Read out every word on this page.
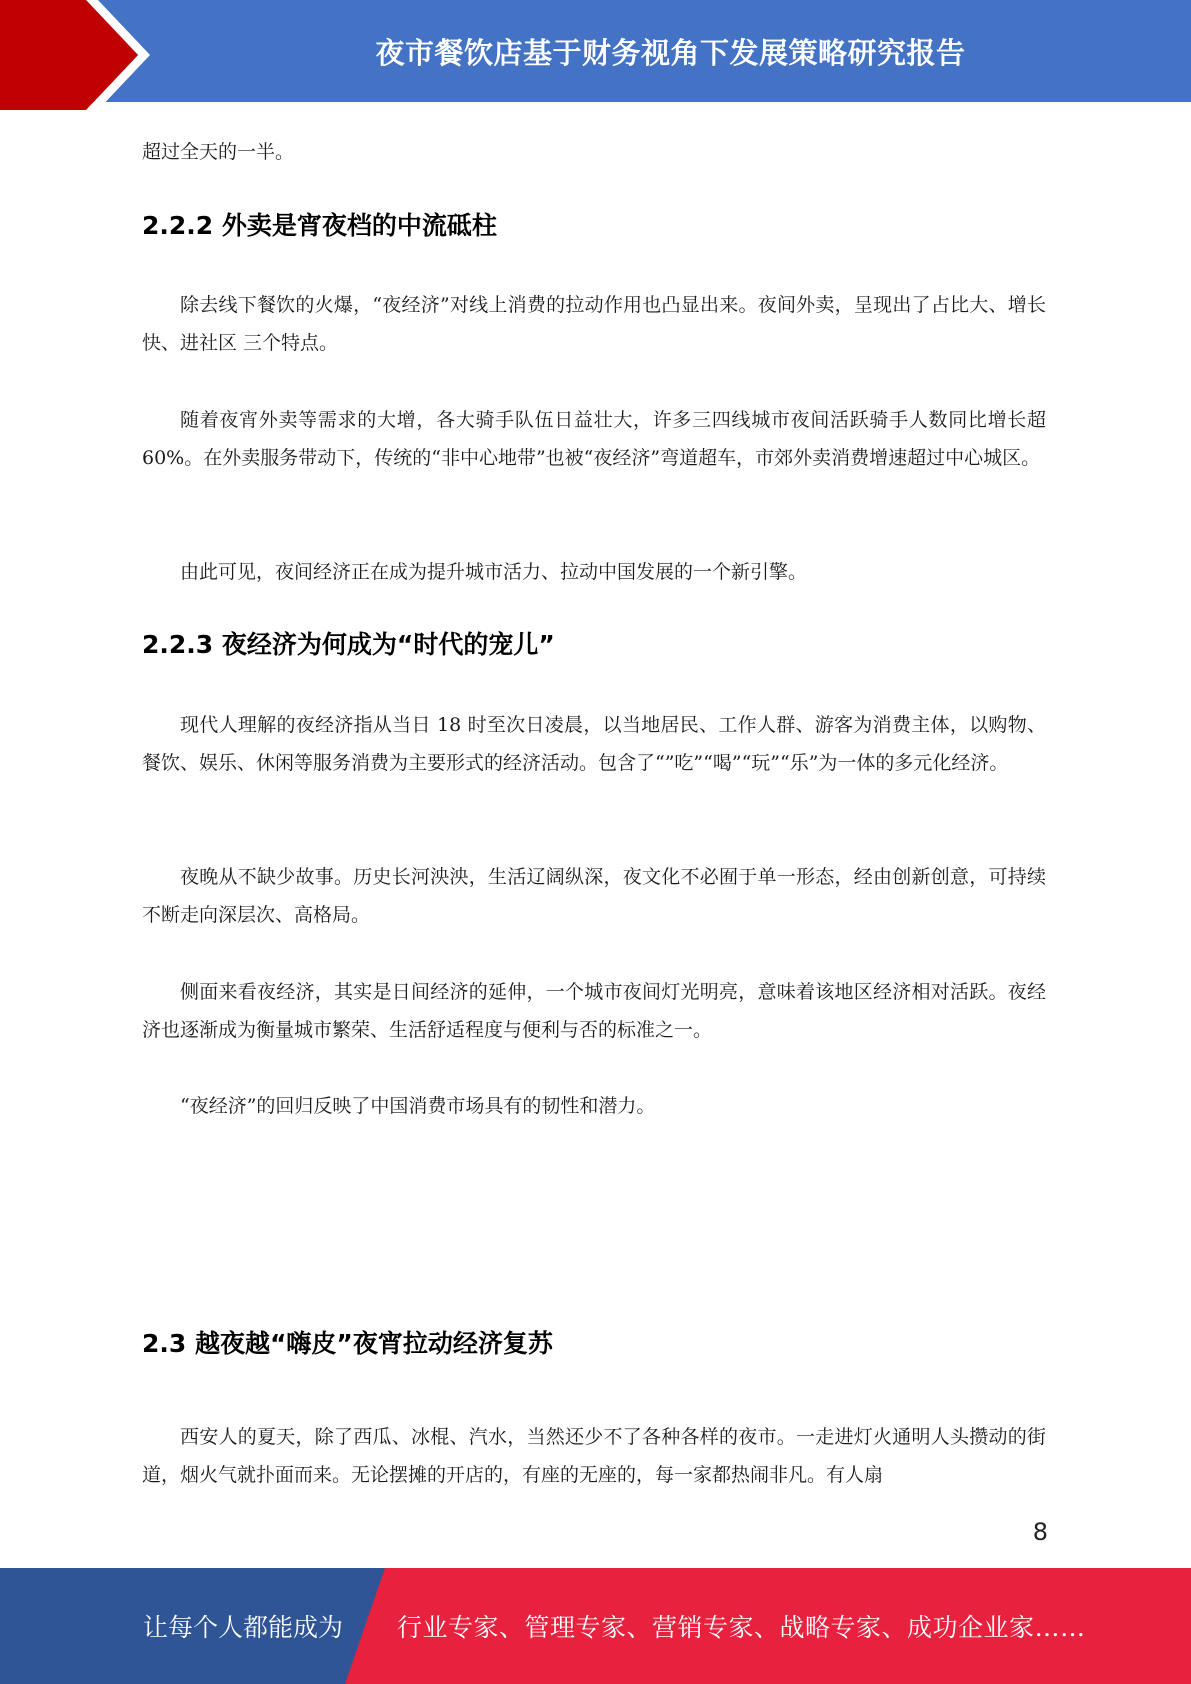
夜市餐饮店基于财务视角下发展策略研究报告

超过全天的一半。

2.2.2 外卖是宵夜档的中流砥柱

除去线下餐饮的火爆，“夜经济”对线上消费的拉动作用也凸显出来。夜间外卖，呈现出了占比大、增长快、进社区 三个特点。

随着夜宵外卖等需求的大增，各大骑手队伍日益壮大，许多三四线城市夜间活跃骑手人数同比增长超 60%。在外卖服务带动下，传统的“非中心地带”也被“夜经济”弯道超车，市郊外卖消费增速超过中心城区。

由此可见，夜间经济正在成为提升城市活力、拉动中国发展的一个新引擎。

2.2.3 夜经济为何成为“时代的宠儿”

现代人理解的夜经济指从当日 18 时至次日凌晨，以当地居民、工作人群、游客为消费主体，以购物、餐饮、娱乐、休闲等服务消费为主要形式的经济活动。包含了“”吃”“喝”“玩”“乐”为一体的多元化经济。

夜晚从不缺少故事。历史长河泱泱，生活辽阔纵深，夜文化不必囿于单一形态，经由创新创意，可持续不断走向深层次、高格局。

侧面来看夜经济，其实是日间经济的延伸，一个城市夜间灯光明亮，意味着该地区经济相对活跃。夜经济也逐渐成为衡量城市繁荣、生活舒适程度与便利与否的标准之一。

“夜经济”的回归反映了中国消费市场具有的韧性和潜力。

2.3 越夜越“嗨皮”夜宵拉动经济复苏

西安人的夏天，除了西瓜、冰棍、汽水，当然还少不了各种各样的夜市。一走进灯火通明人头攒动的街道，烟火气就扑面而来。无论摆摊的开店的，有座的无座的，每一家都热闹非凡。有人扇

8
让每个人都能成为 行业专家、管理专家、营销专家、战略专家、成功企业家……
